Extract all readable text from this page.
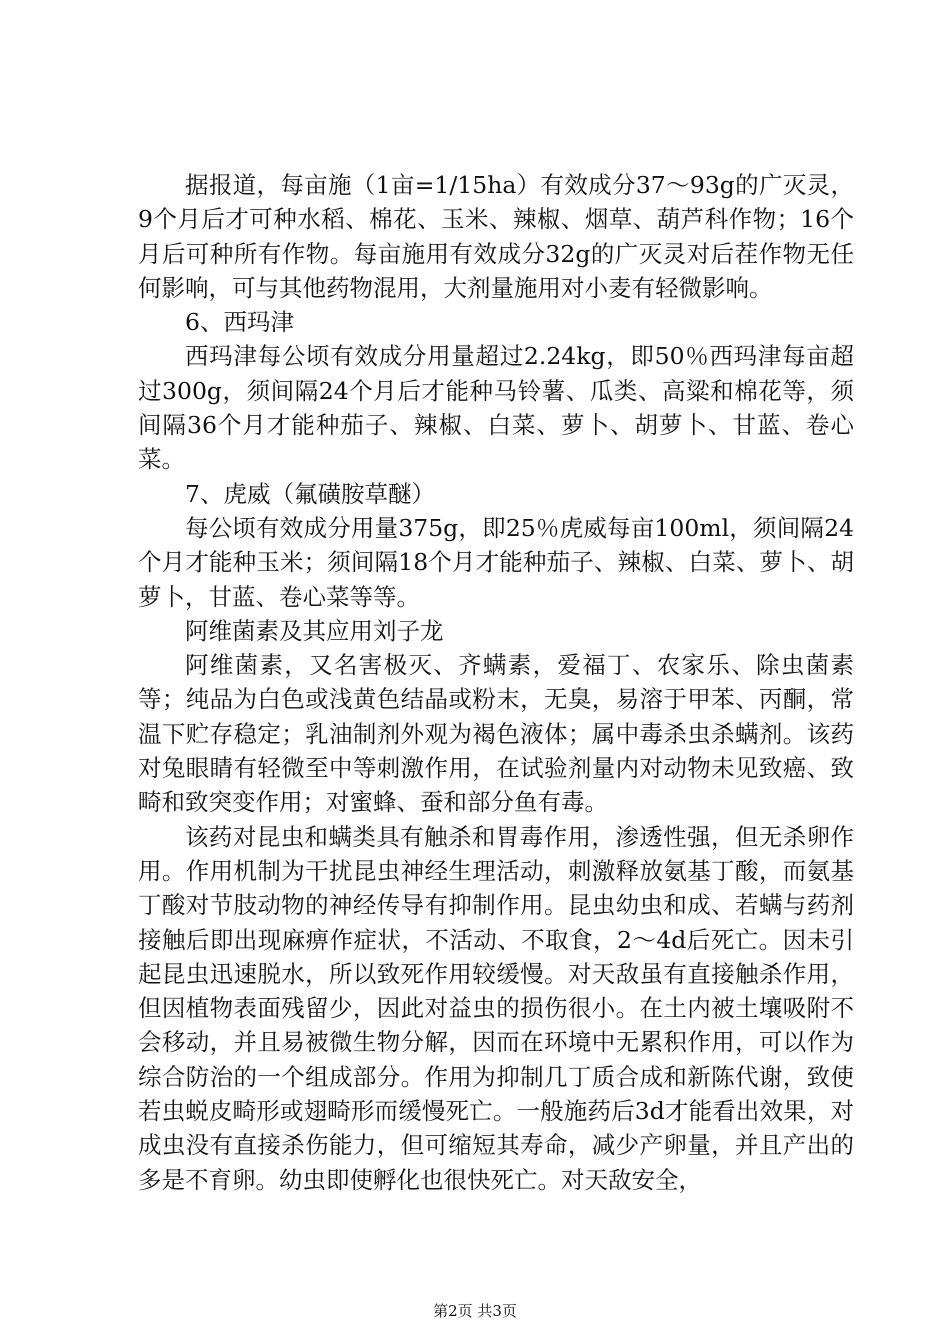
据报道，每亩施（1亩=1/15ha）有效成分37～93g的广灭灵，9个月后才可种水稻、棉花、玉米、辣椒、烟草、葫芦科作物；16个月后可种所有作物。每亩施用有效成分32g的广灭灵对后茬作物无任何影响，可与其他药物混用，大剂量施用对小麦有轻微影响。

6、西玛津

西玛津每公顷有效成分用量超过2.24kg，即50％西玛津每亩超过300g，须间隔24个月后才能种马铃薯、瓜类、高粱和棉花等，须间隔36个月才能种茄子、辣椒、白菜、萝卜、胡萝卜、甘蓝、卷心菜。

7、虎威（氟磺胺草醚）

每公顷有效成分用量375g，即25％虎威每亩100ml，须间隔24个月才能种玉米；须间隔18个月才能种茄子、辣椒、白菜、萝卜、胡萝卜，甘蓝、卷心菜等等。

阿维菌素及其应用刘子龙

阿维菌素，又名害极灭、齐螨素，爱福丁、农家乐、除虫菌素等；纯品为白色或浅黄色结晶或粉末，无臭，易溶于甲苯、丙酮，常温下贮存稳定；乳油制剂外观为褐色液体；属中毒杀虫杀螨剂。该药对兔眼睛有轻微至中等刺激作用，在试验剂量内对动物未见致癌、致畸和致突变作用；对蜜蜂、蚕和部分鱼有毒。

该药对昆虫和螨类具有触杀和胃毒作用，渗透性强，但无杀卵作用。作用机制为干扰昆虫神经生理活动，刺激释放氨基丁酸，而氨基丁酸对节肢动物的神经传导有抑制作用。昆虫幼虫和成、若螨与药剂接触后即出现麻痹作症状，不活动、不取食，2～4d后死亡。因未引起昆虫迅速脱水，所以致死作用较缓慢。对天敌虽有直接触杀作用，但因植物表面残留少，因此对益虫的损伤很小。在土内被土壤吸附不会移动，并且易被微生物分解，因而在环境中无累积作用，可以作为综合防治的一个组成部分。作用为抑制几丁质合成和新陈代谢，致使若虫蜕皮畸形或翅畸形而缓慢死亡。一般施药后3d才能看出效果，对成虫没有直接杀伤能力，但可缩短其寿命，减少产卵量，并且产出的多是不育卵。幼虫即使孵化也很快死亡。对天敌安全，

第2页 共3页
